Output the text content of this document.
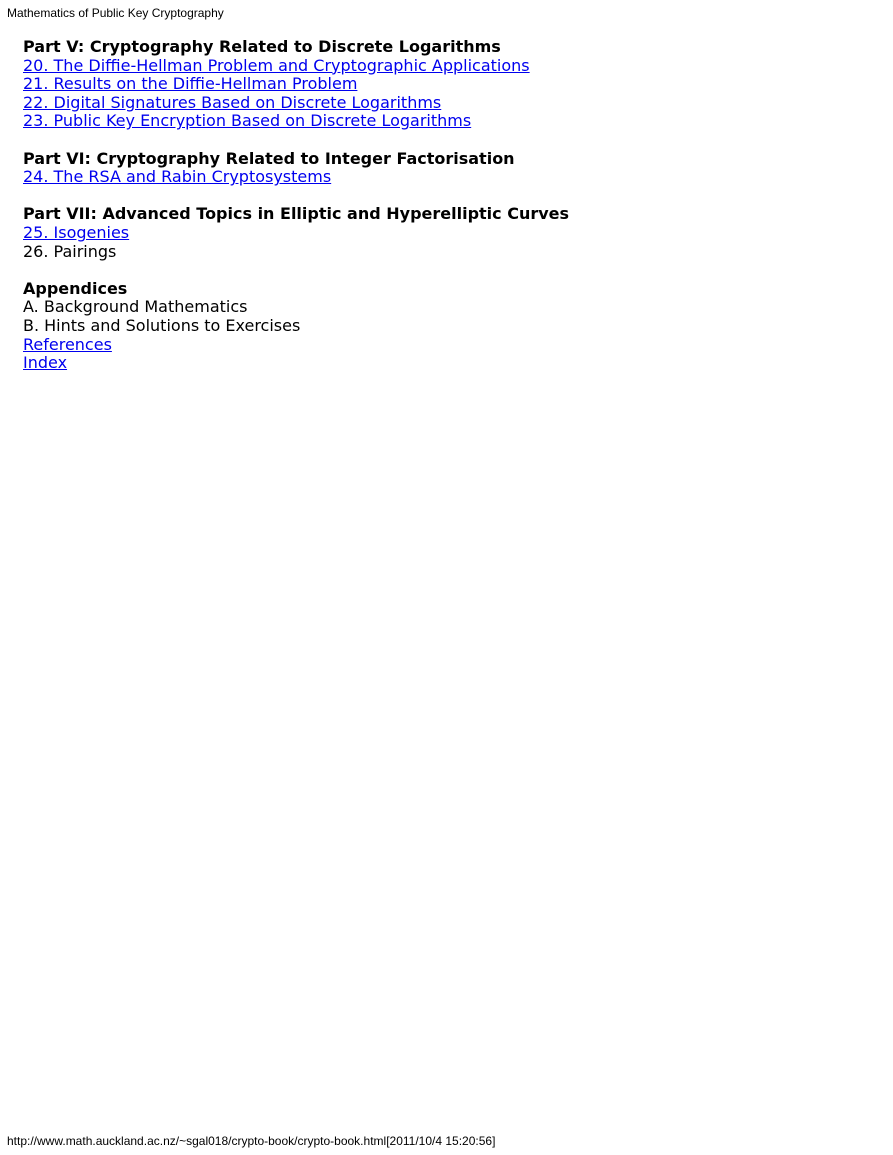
Mathematics of Public Key Cryptography
Part V: Cryptography Related to Discrete Logarithms
20. The Diffie-Hellman Problem and Cryptographic Applications
21. Results on the Diffie-Hellman Problem
22. Digital Signatures Based on Discrete Logarithms
23. Public Key Encryption Based on Discrete Logarithms
Part VI: Cryptography Related to Integer Factorisation
24. The RSA and Rabin Cryptosystems
Part VII: Advanced Topics in Elliptic and Hyperelliptic Curves
25. Isogenies
26. Pairings
Appendices
A. Background Mathematics
B. Hints and Solutions to Exercises
References
Index
http://www.math.auckland.ac.nz/~sgal018/crypto-book/crypto-book.html[2011/10/4 15:20:56]
